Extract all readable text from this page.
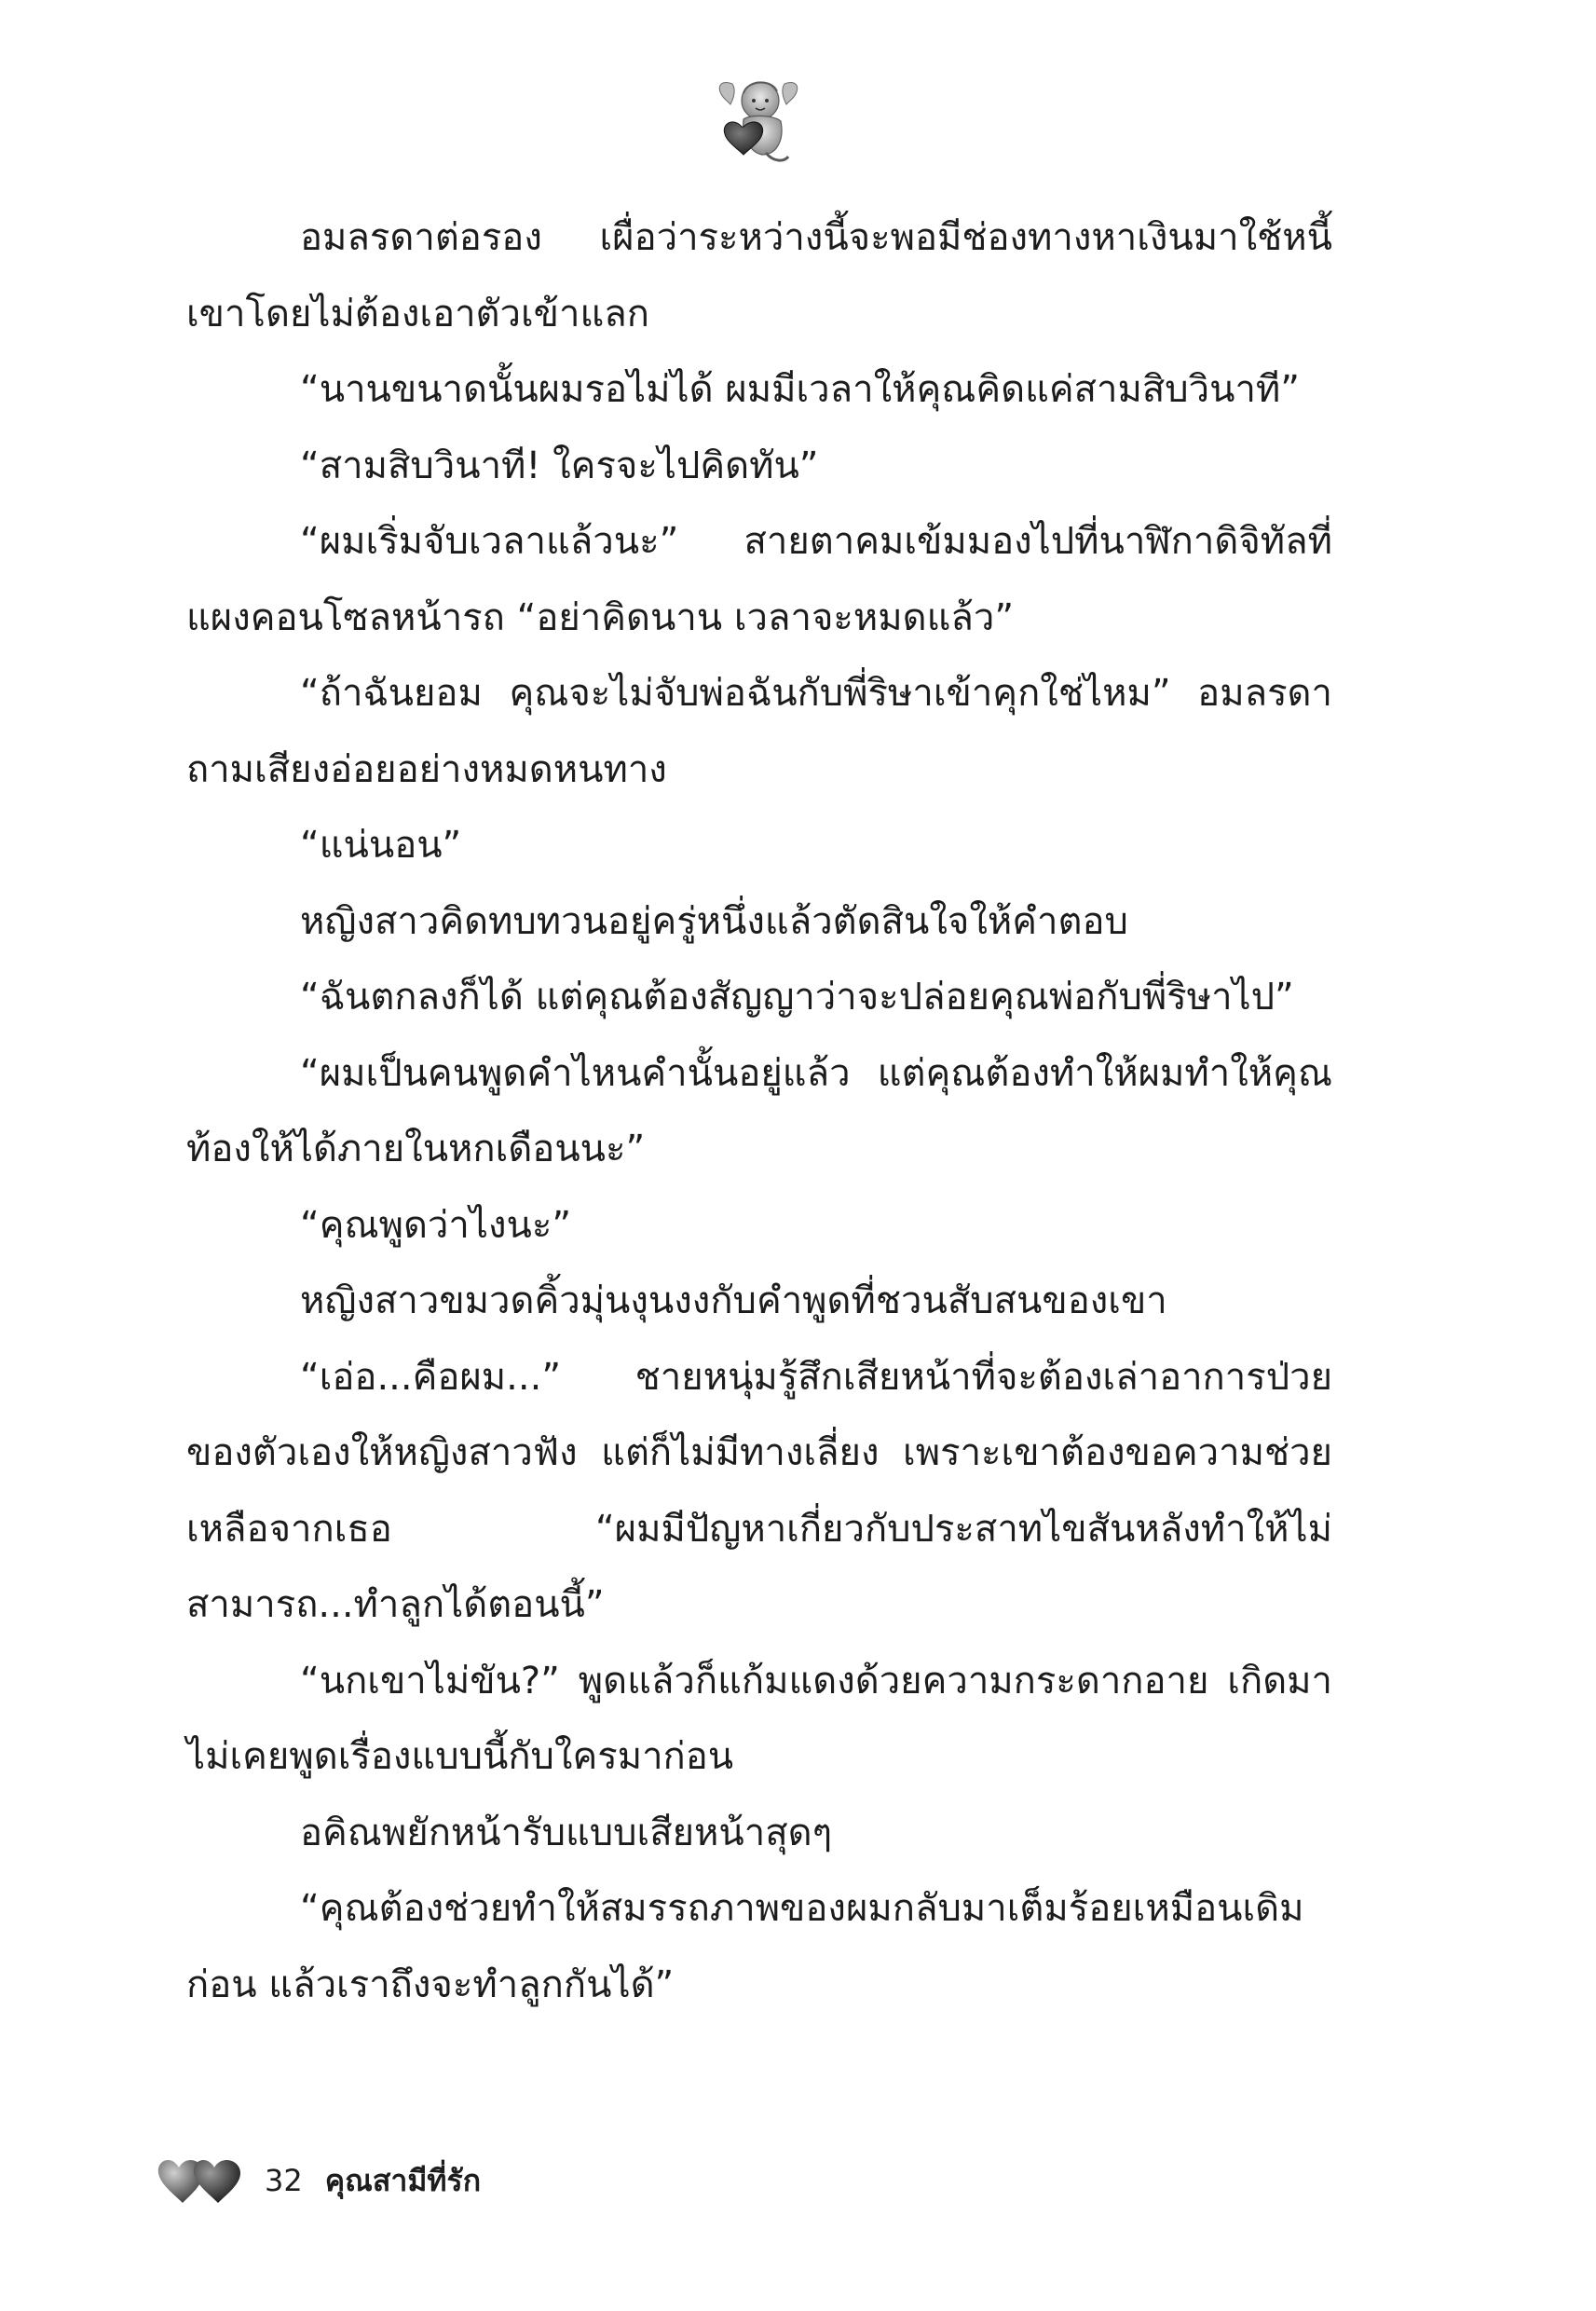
อมลรดาต่อรอง เผื่อว่าระหว่างนี้จะพอมีช่องทางหาเงินมาใช้หนี้เขาโดยไม่ต้องเอาตัวเข้าแลก

“นานขนาดนั้นผมรอไม่ได้ ผมมีเวลาให้คุณคิดแค่สามสิบวินาที”

“สามสิบวินาที! ใครจะไปคิดทัน”

“ผมเริ่มจับเวลาแล้วนะ” สายตาคมเข้มมองไปที่นาฬิกาดิจิทัลที่แผงคอนโซลหน้ารถ “อย่าคิดนาน เวลาจะหมดแล้ว”

“ถ้าฉันยอม คุณจะไม่จับพ่อฉันกับพี่ริษาเข้าคุกใช่ไหม” อมลรดาถามเสียงอ่อยอย่างหมดหนทาง

“แน่นอน”

หญิงสาวคิดทบทวนอยู่ครู่หนึ่งแล้วตัดสินใจให้คำตอบ

“ฉันตกลงก็ได้ แต่คุณต้องสัญญาว่าจะปล่อยคุณพ่อกับพี่ริษาไป”

“ผมเป็นคนพูดคำไหนคำนั้นอยู่แล้ว แต่คุณต้องทำให้ผมทำให้คุณท้องให้ได้ภายในหกเดือนนะ”

“คุณพูดว่าไงนะ”

หญิงสาวขมวดคิ้วมุ่นงุนงงกับคำพูดที่ชวนสับสนของเขา

“เอ่อ...คือผม...” ชายหนุ่มรู้สึกเสียหน้าที่จะต้องเล่าอาการป่วยของตัวเองให้หญิงสาวฟัง แต่ก็ไม่มีทางเลี่ยง เพราะเขาต้องขอความช่วยเหลือจากเธอ “ผมมีปัญหาเกี่ยวกับประสาทไขสันหลังทำให้ไม่สามารถ...ทำลูกได้ตอนนี้”

“นกเขาไม่ขัน?” พูดแล้วก็แก้มแดงด้วยความกระดากอาย เกิดมาไม่เคยพูดเรื่องแบบนี้กับใครมาก่อน

อคิณพยักหน้ารับแบบเสียหน้าสุดๆ

“คุณต้องช่วยทำให้สมรรถภาพของผมกลับมาเต็มร้อยเหมือนเดิมก่อน แล้วเราถึงจะทำลูกกันได้”

32 คุณสามีที่รัก
